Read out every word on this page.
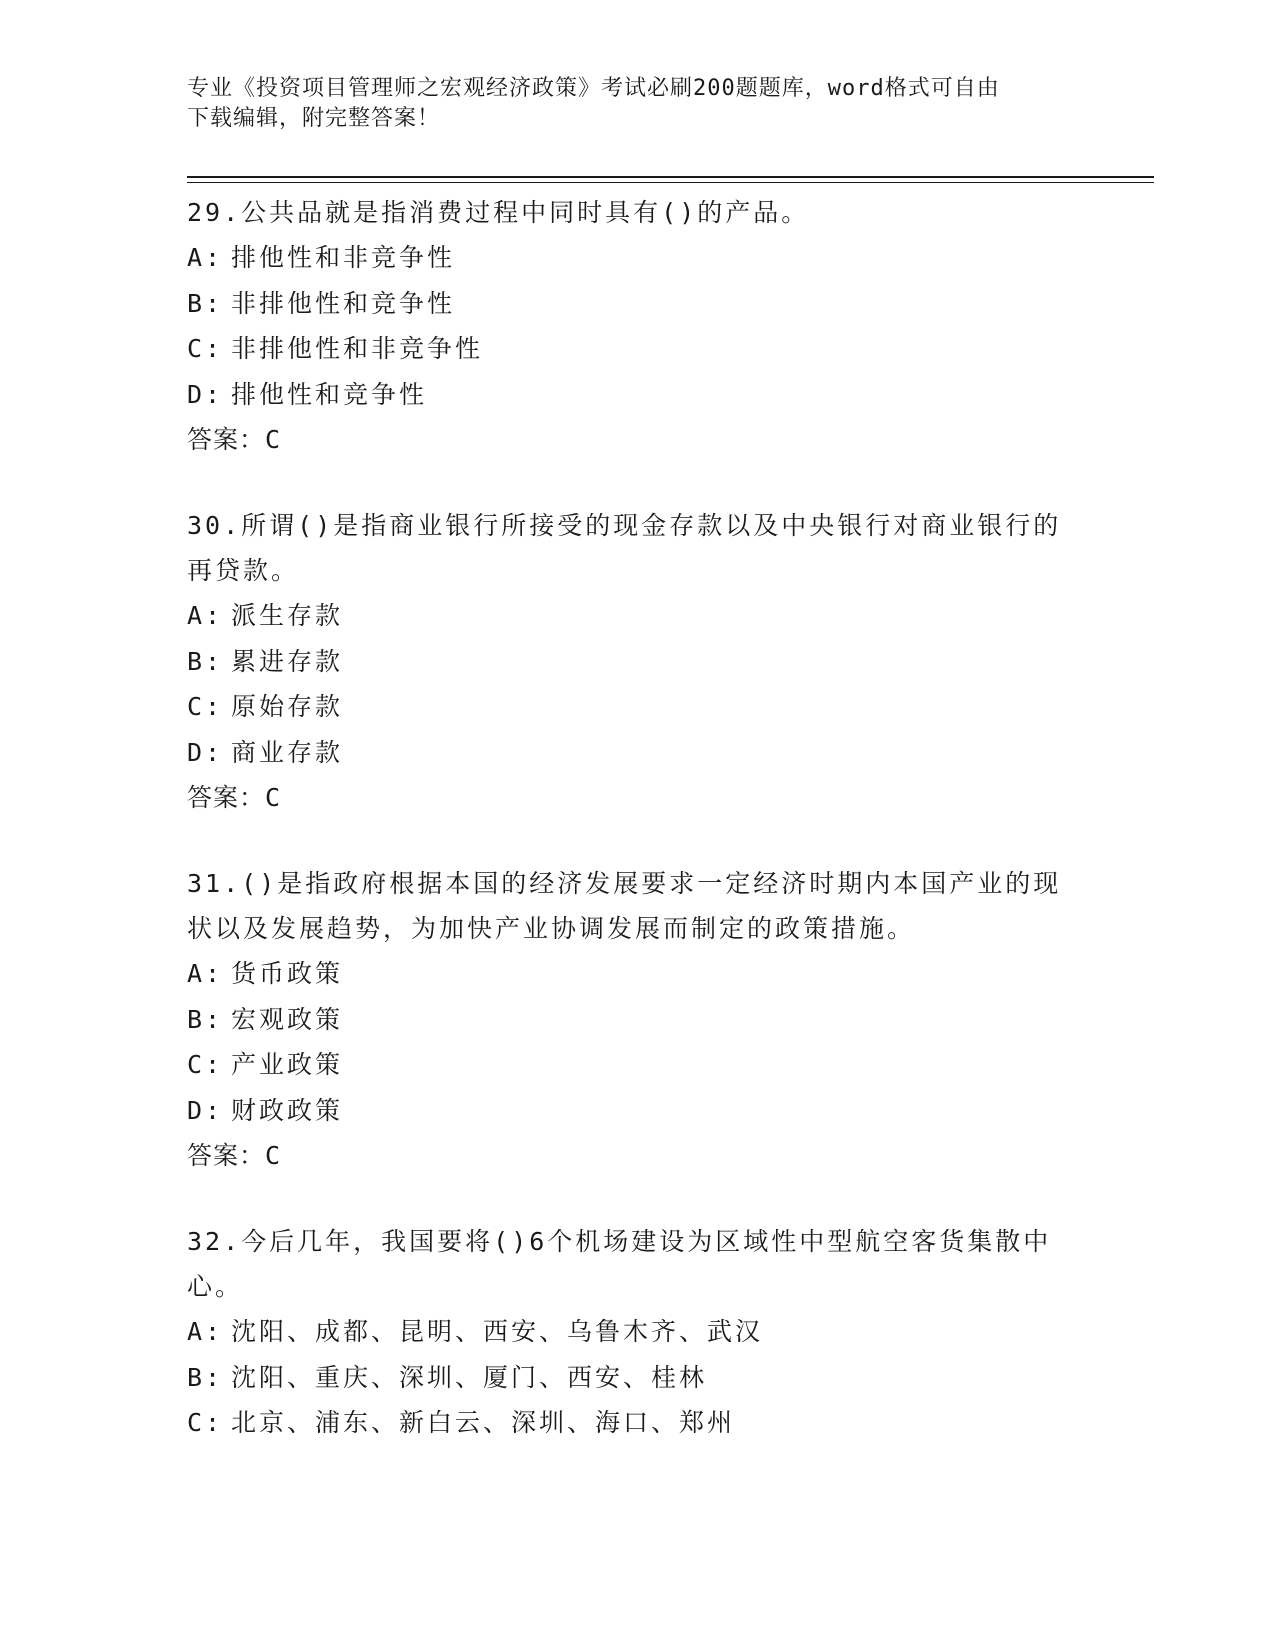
专业《投资项目管理师之宏观经济政策》考试必刷200题题库，word格式可自由
下载编辑，附完整答案！

29.公共品就是指消费过程中同时具有()的产品。

A: 排他性和非竞争性

B: 非排他性和竞争性

C: 非排他性和非竞争性

D: 排他性和竞争性

答案：C

30.所谓()是指商业银行所接受的现金存款以及中央银行对商业银行的再贷款。

A: 派生存款

B: 累进存款

C: 原始存款

D: 商业存款

答案：C

31.()是指政府根据本国的经济发展要求一定经济时期内本国产业的现状以及发展趋势，为加快产业协调发展而制定的政策措施。

A: 货币政策

B: 宏观政策

C: 产业政策

D: 财政政策

答案：C

32.今后几年，我国要将()6个机场建设为区域性中型航空客货集散中心。

A: 沈阳、成都、昆明、西安、乌鲁木齐、武汉

B: 沈阳、重庆、深圳、厦门、西安、桂林

C: 北京、浦东、新白云、深圳、海口、郑州
